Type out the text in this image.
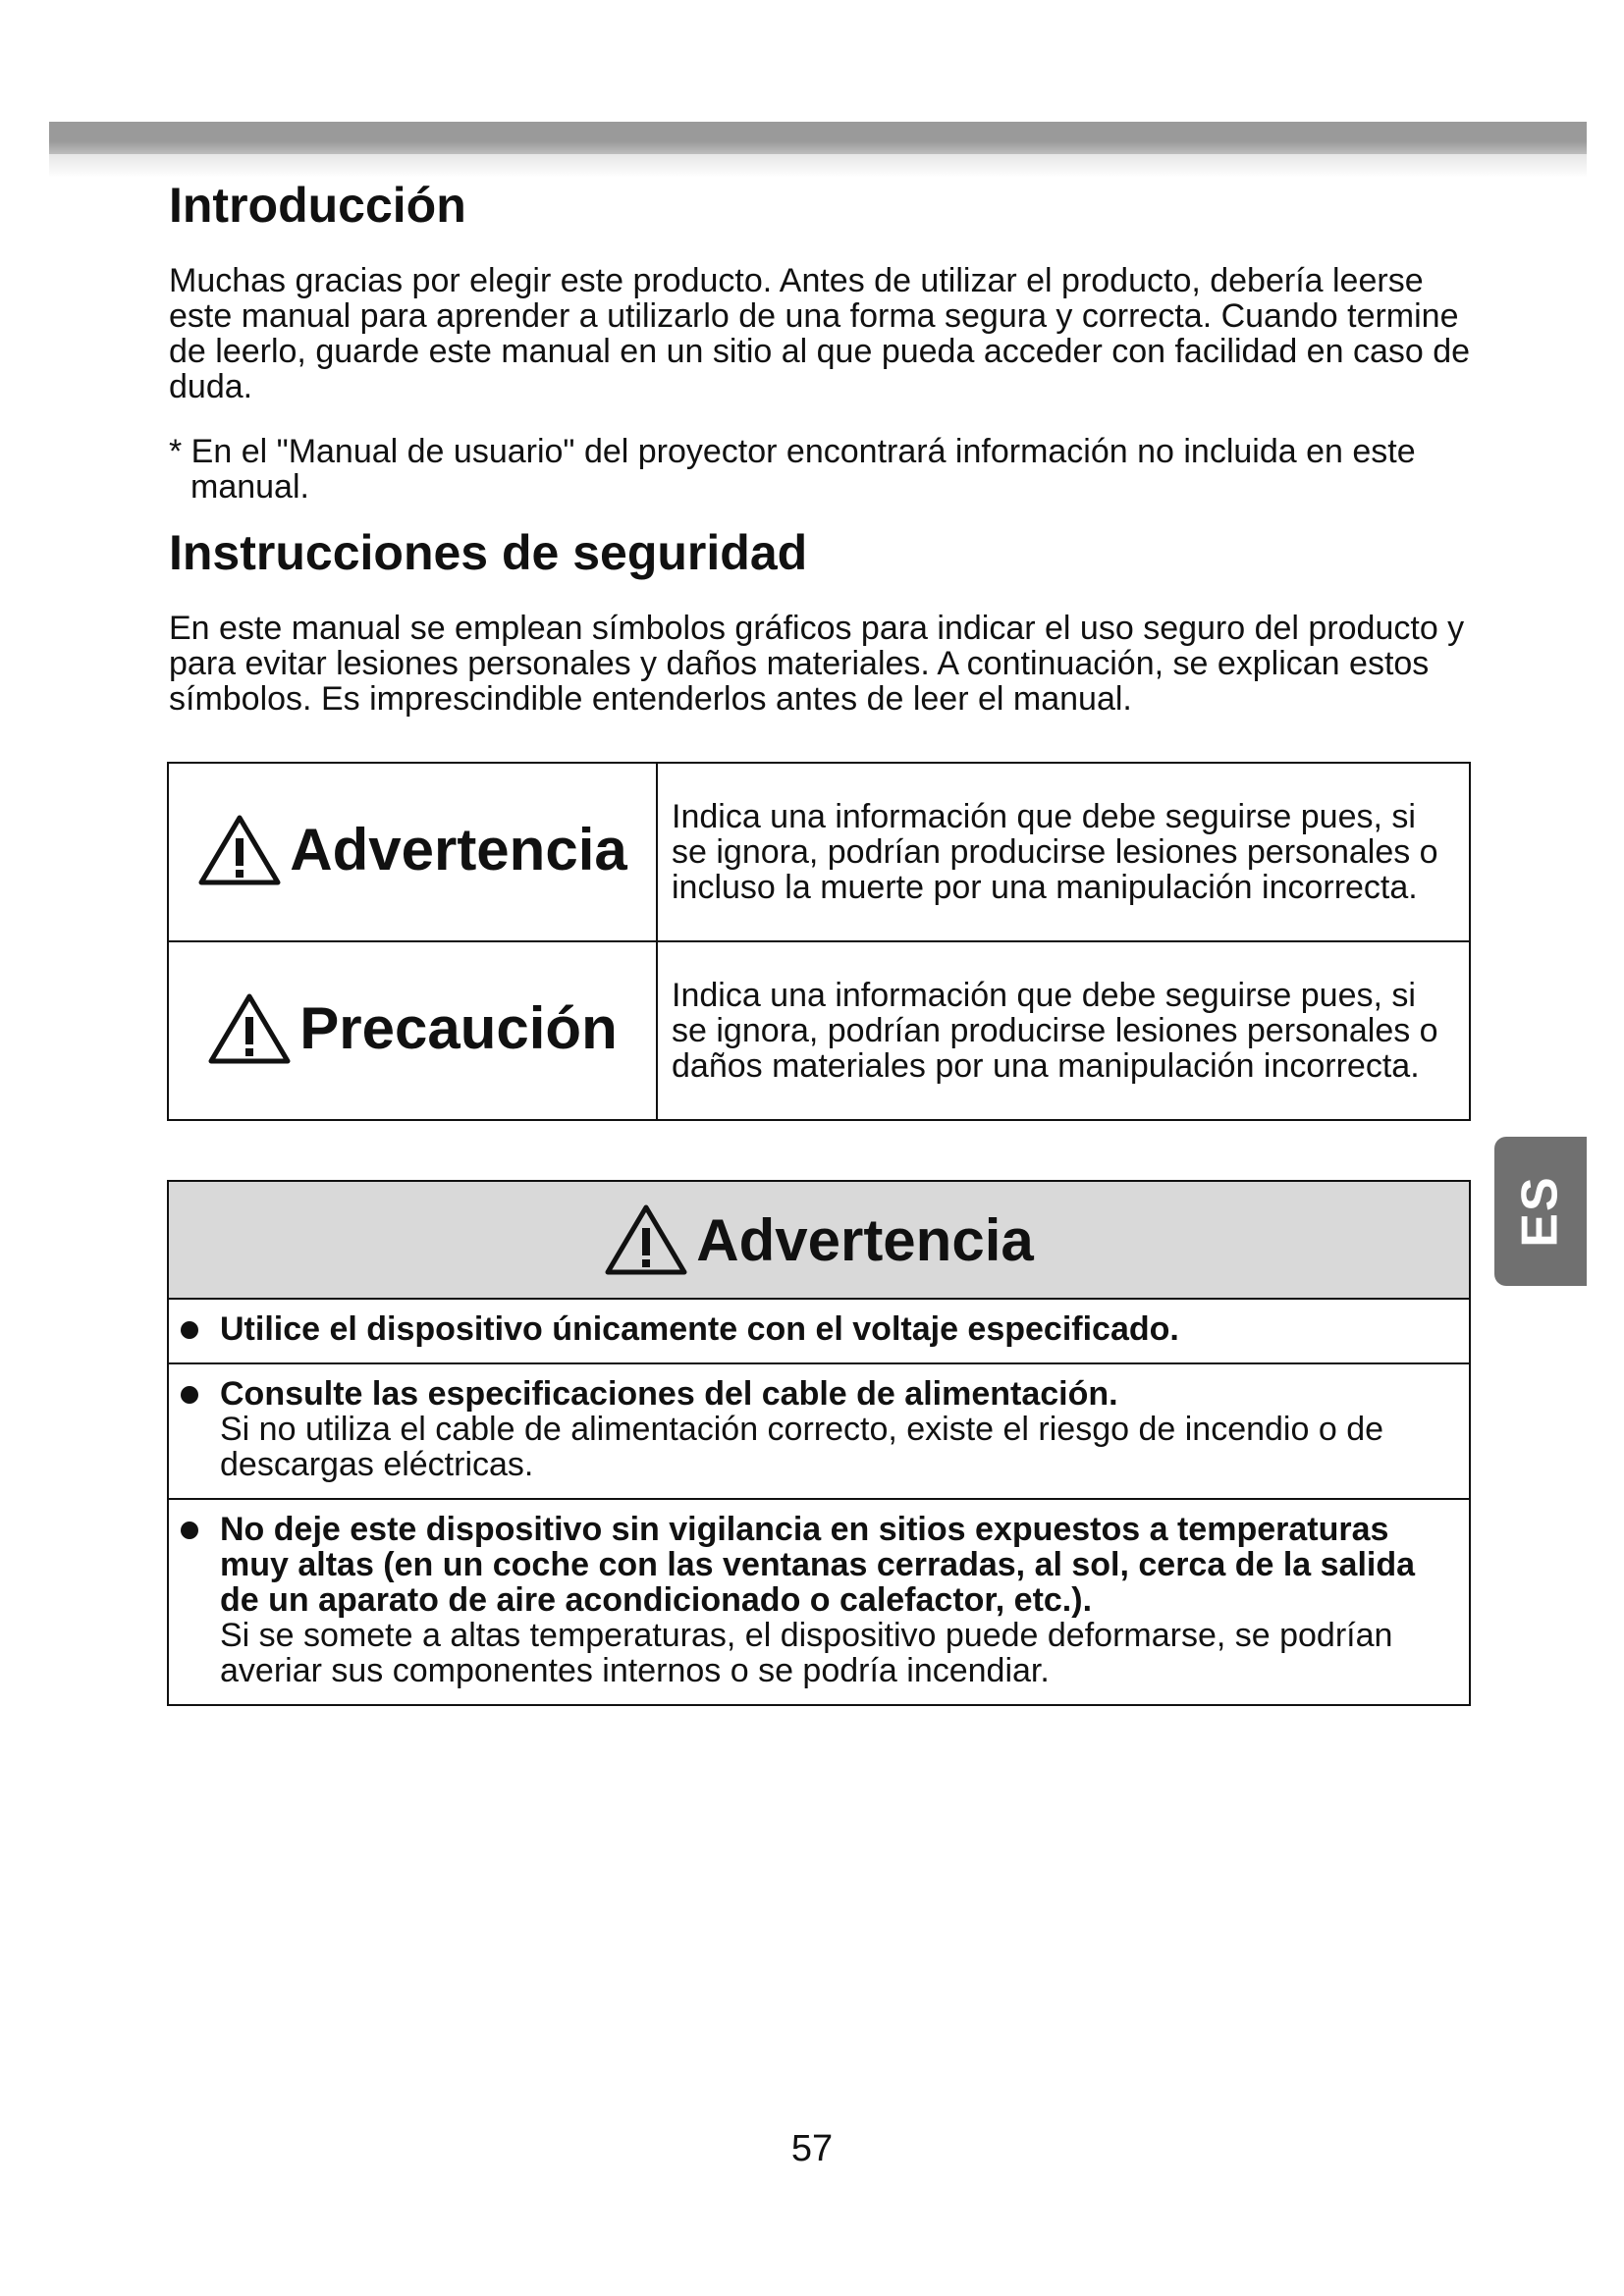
Introducción

Muchas gracias por elegir este producto. Antes de utilizar el producto, debería leerse este manual para aprender a utilizarlo de una forma segura y correcta. Cuando termine de leerlo, guarde este manual en un sitio al que pueda acceder con facilidad en caso de duda.

* En el "Manual de usuario" del proyector encontrará información no incluida en este manual.

Instrucciones de seguridad

En este manual se emplean símbolos gráficos para indicar el uso seguro del producto y para evitar lesiones personales y daños materiales. A continuación, se explican estos símbolos. Es imprescindible entenderlos antes de leer el manual.

Advertencia	Indica una información que debe seguirse pues, si se ignora, podrían producirse lesiones personales o incluso la muerte por una manipulación incorrecta.

Precaución	Indica una información que debe seguirse pues, si se ignora, podrían producirse lesiones personales o daños materiales por una manipulación incorrecta.
Advertencia

Utilice el dispositivo únicamente con el voltaje especificado.

Consulte las especificaciones del cable de alimentación.

Si no utiliza el cable de alimentación correcto, existe el riesgo de incendio o de descargas eléctricas.

No deje este dispositivo sin vigilancia en sitios expuestos a temperaturas muy altas (en un coche con las ventanas cerradas, al sol, cerca de la salida de un aparato de aire acondicionado o calefactor, etc.).

Si se somete a altas temperaturas, el dispositivo puede deformarse, se podrían averiar sus componentes internos o se podría incendiar.

ES
57
